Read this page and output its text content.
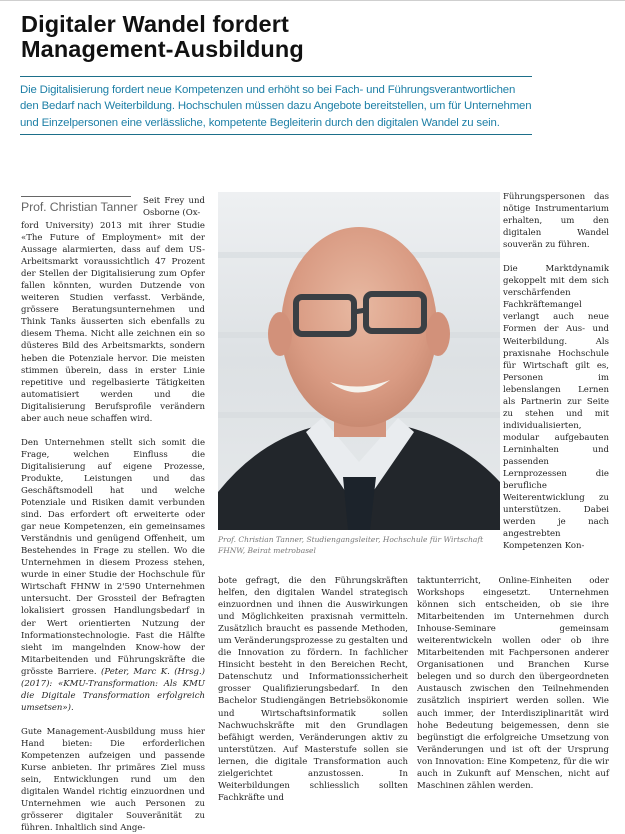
Digitaler Wandel fordert
Management-Ausbildung

Die Digitalisierung fordert neue Kompetenzen und erhöht so bei Fach- und Führungsverantwortlichen

den Bedarf nach Weiterbildung. Hochschulen müssen dazu Angebote bereitstellen, um für Unternehmen

und Einzelpersonen eine verlässliche, kompetente Begleiterin durch den digitalen Wandel zu sein.

Prof. Christian Tanner Seit Frey und Osborne (Ox-

ford University) 2013 mit ihrer Studie «The Future of Employment» mit der Aussage alarmierten, dass auf dem US-Arbeitsmarkt voraussichtlich 47 Prozent der Stellen der Digitalisierung zum Opfer fallen könnten, wurden Dutzende von weiteren Studien verfasst. Verbände, grössere Beratungsunternehmen und Think Tanks äusserten sich ebenfalls zu diesem Thema. Nicht alle zeichnen ein so düsteres Bild des Arbeitsmarkts, sondern heben die Potenziale hervor. Die meisten stimmen überein, dass in erster Linie repetitive und regelbasierte Tätigkeiten automatisiert werden und die Digitalisierung Berufsprofile verändern aber auch neue schaffen wird.

Den Unternehmen stellt sich somit die Frage, welchen Einfluss die Digitalisierung auf eigene Prozesse, Produkte, Leistungen und das Geschäftsmodell hat und welche Potenziale und Risiken damit verbunden sind. Das erfordert oft erweiterte oder gar neue Kompetenzen, ein gemeinsames Verständnis und genügend Offenheit, um Bestehendes in Frage zu stellen. Wo die Unternehmen in diesem Prozess stehen, wurde in einer Studie der Hochschule für Wirtschaft FHNW in 2'590 Unternehmen untersucht. Der Grossteil der Befragten lokalisiert grossen Handlungsbedarf in der Wert orientierten Nutzung der Informationstechnologie. Fast die Hälfte sieht im mangelnden Know-how der Mitarbeitenden und Führungskräfte die grösste Barriere. (Peter, Marc K. (Hrsg.) (2017): «KMU-Transformation: Als KMU die Digitale Transformation erfolgreich umsetsen»).

Gute Management-Ausbildung muss hier Hand bieten: Die erforderlichen Kompetenzen aufzeigen und passende Kurse anbieten. Ihr primäres Ziel muss sein, Entwicklungen rund um den digitalen Wandel richtig einzuordnen und Unternehmen wie auch Personen zu grösserer digitaler Souveränität zu führen. Inhaltlich sind Ange-

Prof. Christian Tanner, Studiengangsleiter, Hochschule für Wirtschaft

FHNW, Beirat metrobasel

bote gefragt, die den Führungskräften helfen, den digitalen Wandel strategisch einzuordnen und ihnen die Auswirkungen und Möglichkeiten praxisnah vermitteln. Zusätzlich braucht es passende Methoden, um Veränderungsprozesse zu gestalten und die Innovation zu fördern. In fachlicher Hinsicht besteht in den Bereichen Recht, Datenschutz und Informationssicherheit grosser Qualifizierungsbedarf. In den Bachelor Studiengängen Betriebsökonomie und Wirtschaftsinformatik sollen Nachwuchskräfte mit den Grundlagen befähigt werden, Veränderungen aktiv zu unterstützen. Auf Masterstufe sollen sie lernen, die digitale Transformation auch zielgerichtet anzustossen. In Weiterbildungen schliesslich sollten Fachkräfte und

Führungspersonen das nötige Instrumentarium erhalten, um den digitalen Wandel souverän zu führen.

Die Marktdynamik gekoppelt mit dem sich verschärfenden Fachkräftemangel verlangt auch neue Formen der Aus- und Weiterbildung. Als praxisnahe Hochschule für Wirtschaft gilt es, Personen im lebenslangen Lernen als Partnerin zur Seite zu stehen und mit individualisierten, modular aufgebauten Lerninhalten und passenden Lernprozessen die berufliche Weiterentwicklung zu unterstützen. Dabei werden je nach angestrebten Kompetenzen Kon-

taktunterricht, Online-Einheiten oder Workshops eingesetzt. Unternehmen können sich entscheiden, ob sie ihre Mitarbeitenden im Unternehmen durch Inhouse-Seminare gemeinsam weiterentwickeln wollen oder ob ihre Mitarbeitenden mit Fachpersonen anderer Organisationen und Branchen Kurse belegen und so durch den übergeordneten Austausch zwischen den Teilnehmenden zusätzlich inspiriert werden sollen. Wie auch immer, der Interdisziplinarität wird hohe Bedeutung beigemessen, denn sie begünstigt die erfolgreiche Umsetzung von Veränderungen und ist oft der Ursprung von Innovation: Eine Kompetenz, für die wir auch in Zukunft auf Menschen, nicht auf Maschinen zählen werden.
